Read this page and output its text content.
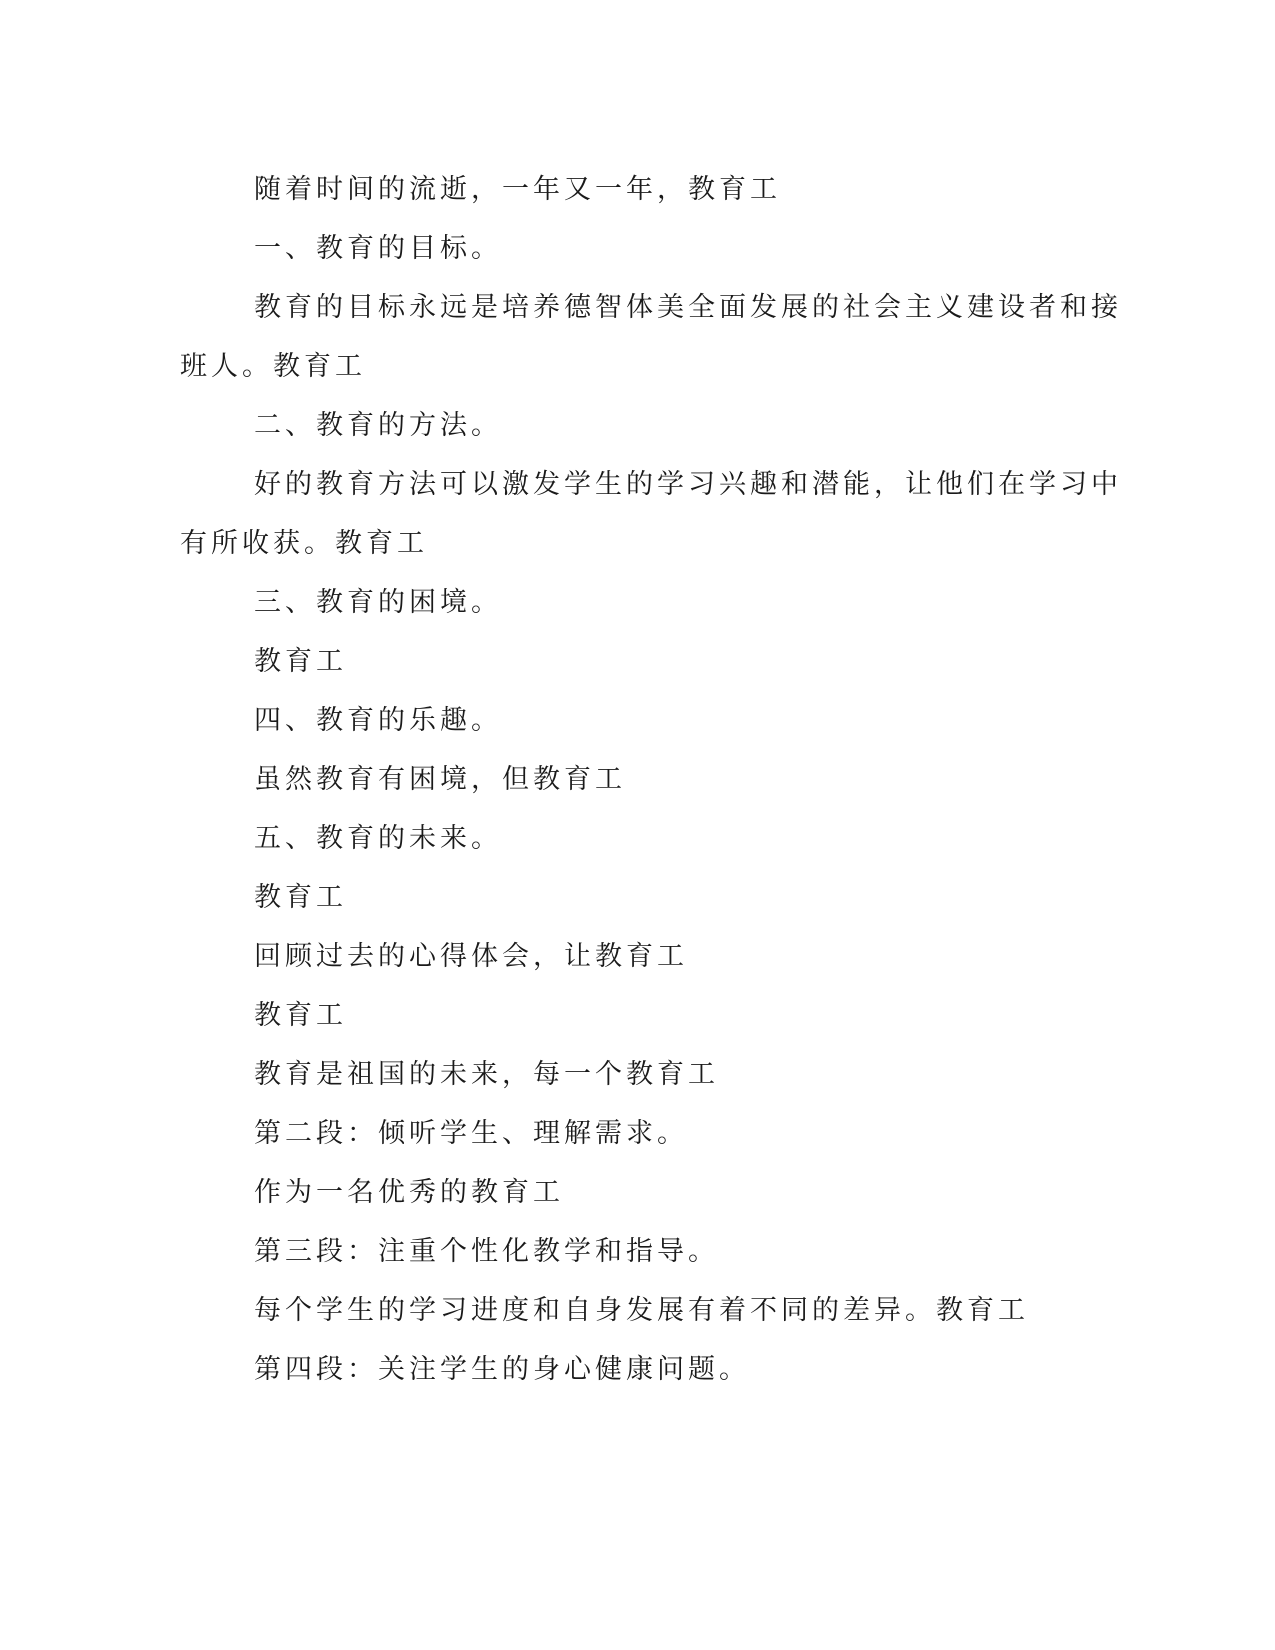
随着时间的流逝，一年又一年，教育工

一、教育的目标。

教育的目标永远是培养德智体美全面发展的社会主义建设者和接

班人。教育工

二、教育的方法。

好的教育方法可以激发学生的学习兴趣和潜能，让他们在学习中

有所收获。教育工

三、教育的困境。

教育工

四、教育的乐趣。

虽然教育有困境，但教育工

五、教育的未来。

教育工

回顾过去的心得体会，让教育工

教育工

教育是祖国的未来，每一个教育工

第二段：倾听学生、理解需求。

作为一名优秀的教育工

第三段：注重个性化教学和指导。

每个学生的学习进度和自身发展有着不同的差异。教育工

第四段：关注学生的身心健康问题。
